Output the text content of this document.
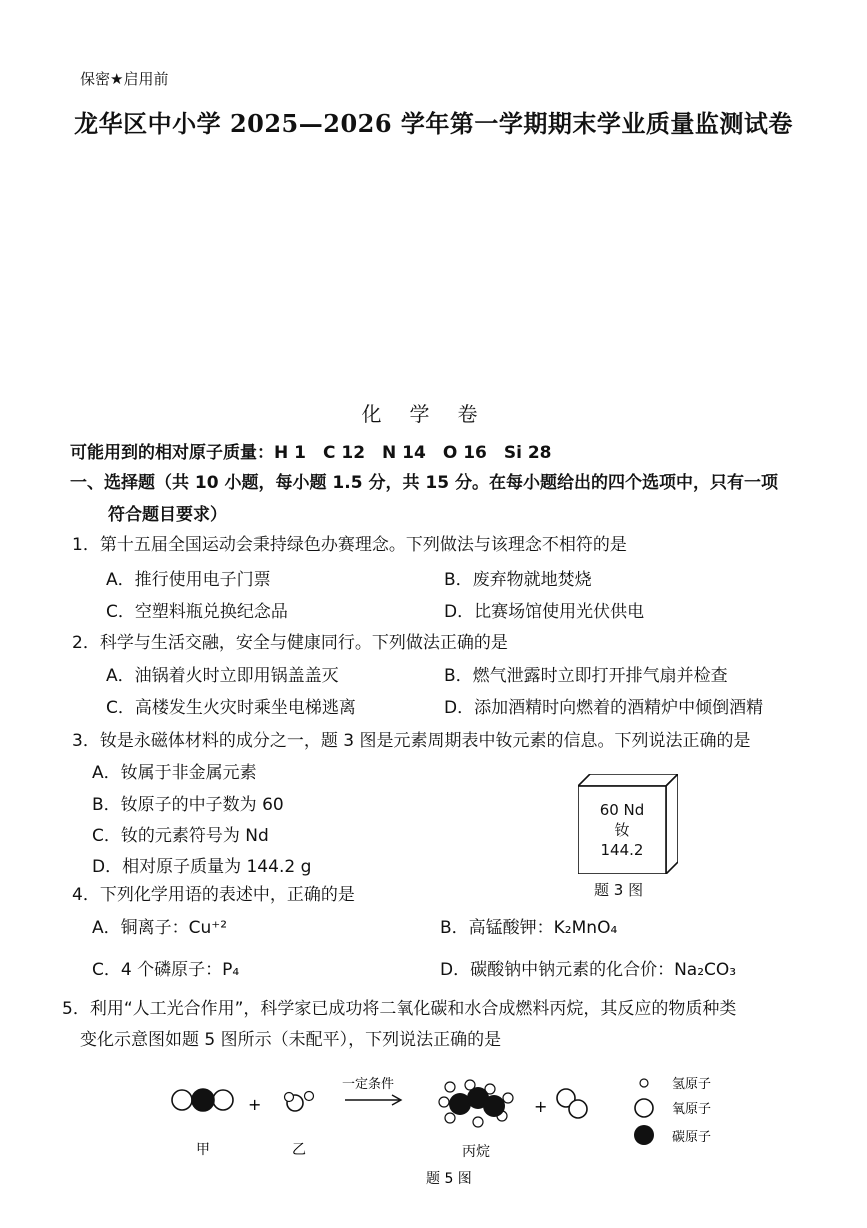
保密★启用前
龙华区中小学 2025—2026 学年第一学期期末学业质量监测试卷
化学卷
可能用到的相对原子质量：H 1　C 12　N 14　O 16　Si 28
一、选择题（共 10 小题，每小题 1.5 分，共 15 分。在每小题给出的四个选项中，只有一项
符合题目要求）
1．第十五届全国运动会秉持绿色办赛理念。下列做法与该理念不相符的是
A．推行使用电子门票	B．废弃物就地焚烧
C．空塑料瓶兑换纪念品	D．比赛场馆使用光伏供电
2．科学与生活交融，安全与健康同行。下列做法正确的是
A．油锅着火时立即用锅盖盖灭	B．燃气泄露时立即打开排气扇并检查
C．高楼发生火灾时乘坐电梯逃离	D．添加酒精时向燃着的酒精炉中倾倒酒精
3．钕是永磁体材料的成分之一，题 3 图是元素周期表中钕元素的信息。下列说法正确的是
A．钕属于非金属元素
B．钕原子的中子数为 60
C．钕的元素符号为 Nd
D．相对原子质量为 144.2 g
60 Nd
钕
144.2
题 3 图
4．下列化学用语的表述中，正确的是
A．铜离子：Cu⁺²	B．高锰酸钾：K₂MnO₄
C．4 个磷原子：P₄	D．碳酸钠中钠元素的化合价：Na₂CO₃
5．利用“人工光合作用”，科学家已成功将二氧化碳和水合成燃料丙烷，其反应的物质种类
变化示意图如题 5 图所示（未配平），下列说法正确的是
+
一定条件
+
氢原子
氧原子
碳原子
甲	乙	丙烷
题 5 图
